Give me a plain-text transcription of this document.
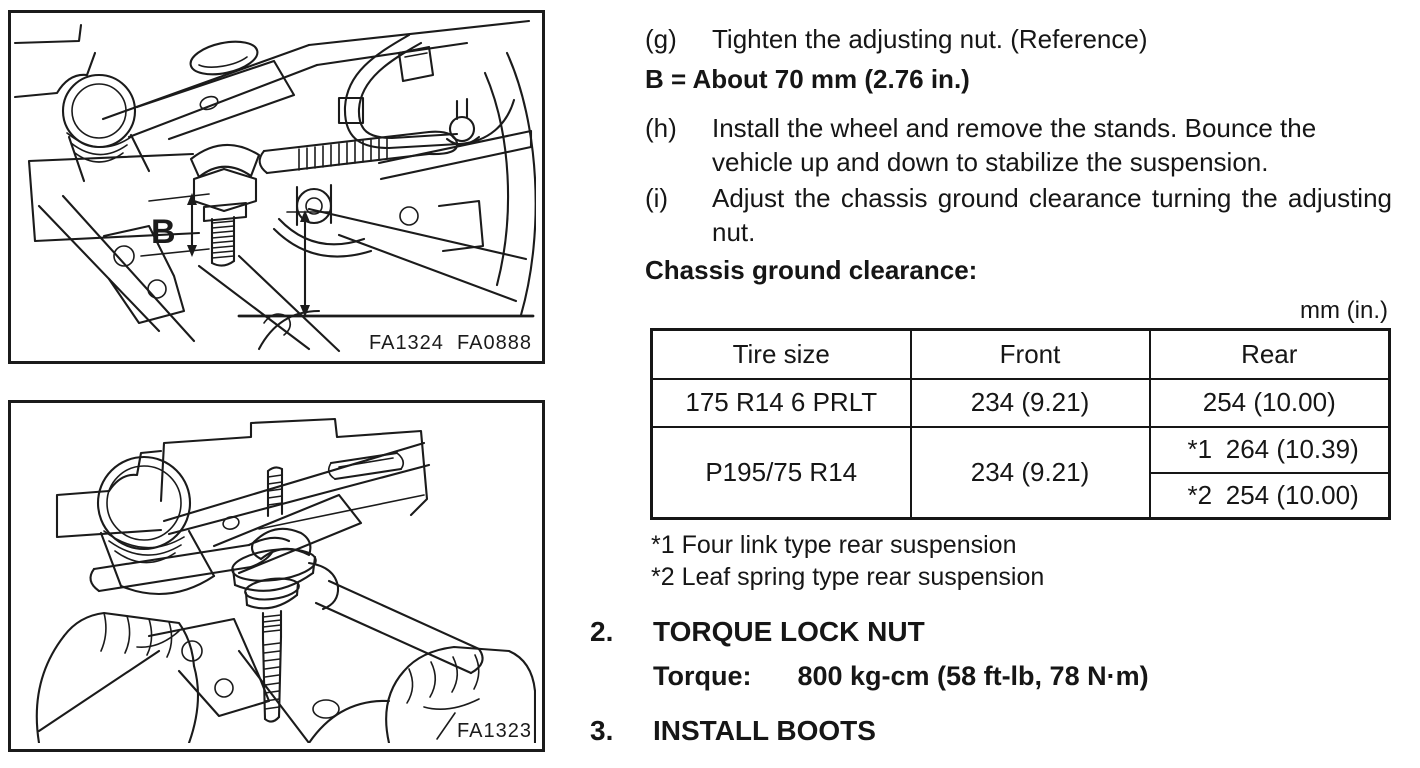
B
FA1324  FA0888
FA1323
(g)	Tighten the adjusting nut. (Reference)
B = About 70 mm (2.76 in.)
(h)	Install the wheel and remove the stands. Bounce the vehicle up and down to stabilize the suspension.
(i)	Adjust the chassis ground clearance turning the adjusting nut.
Chassis ground clearance:
mm (in.)
Tire size	Front	Rear
175 R14 6 PRLT	234 (9.21)	254 (10.00)
P195/75 R14	234 (9.21)	*1 264 (10.39)
		*2 254 (10.00)
*1 Four link type rear suspension
*2 Leaf spring type rear suspension
2.	TORQUE LOCK NUT
Torque: 800 kg-cm (58 ft-lb, 78 N·m)
3.	INSTALL BOOTS
